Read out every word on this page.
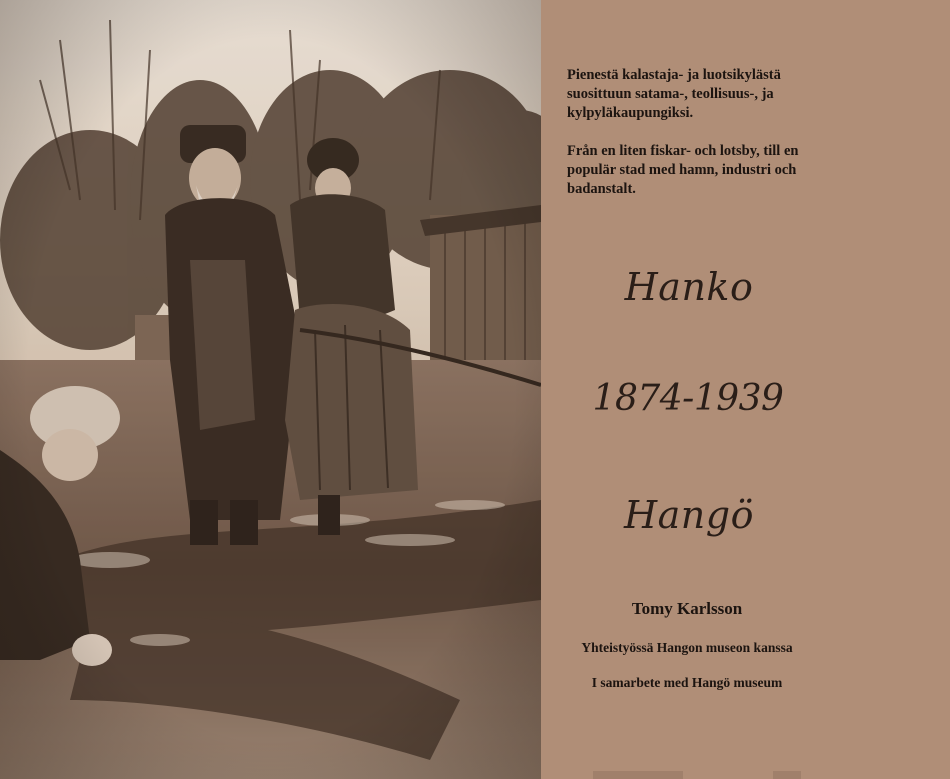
Pienestä kalastaja- ja luotsikylästä suosittuun satama-, teollisuus-, ja kylpyläkaupungiksi.

Från en liten fiskar- och lotsby, till en populär stad med hamn, industri och badanstalt.

Hanko
1874-1939
Hangö
Tomy Karlsson
Yhteistyössä Hangon museon kanssa
I samarbete med Hangö museum
